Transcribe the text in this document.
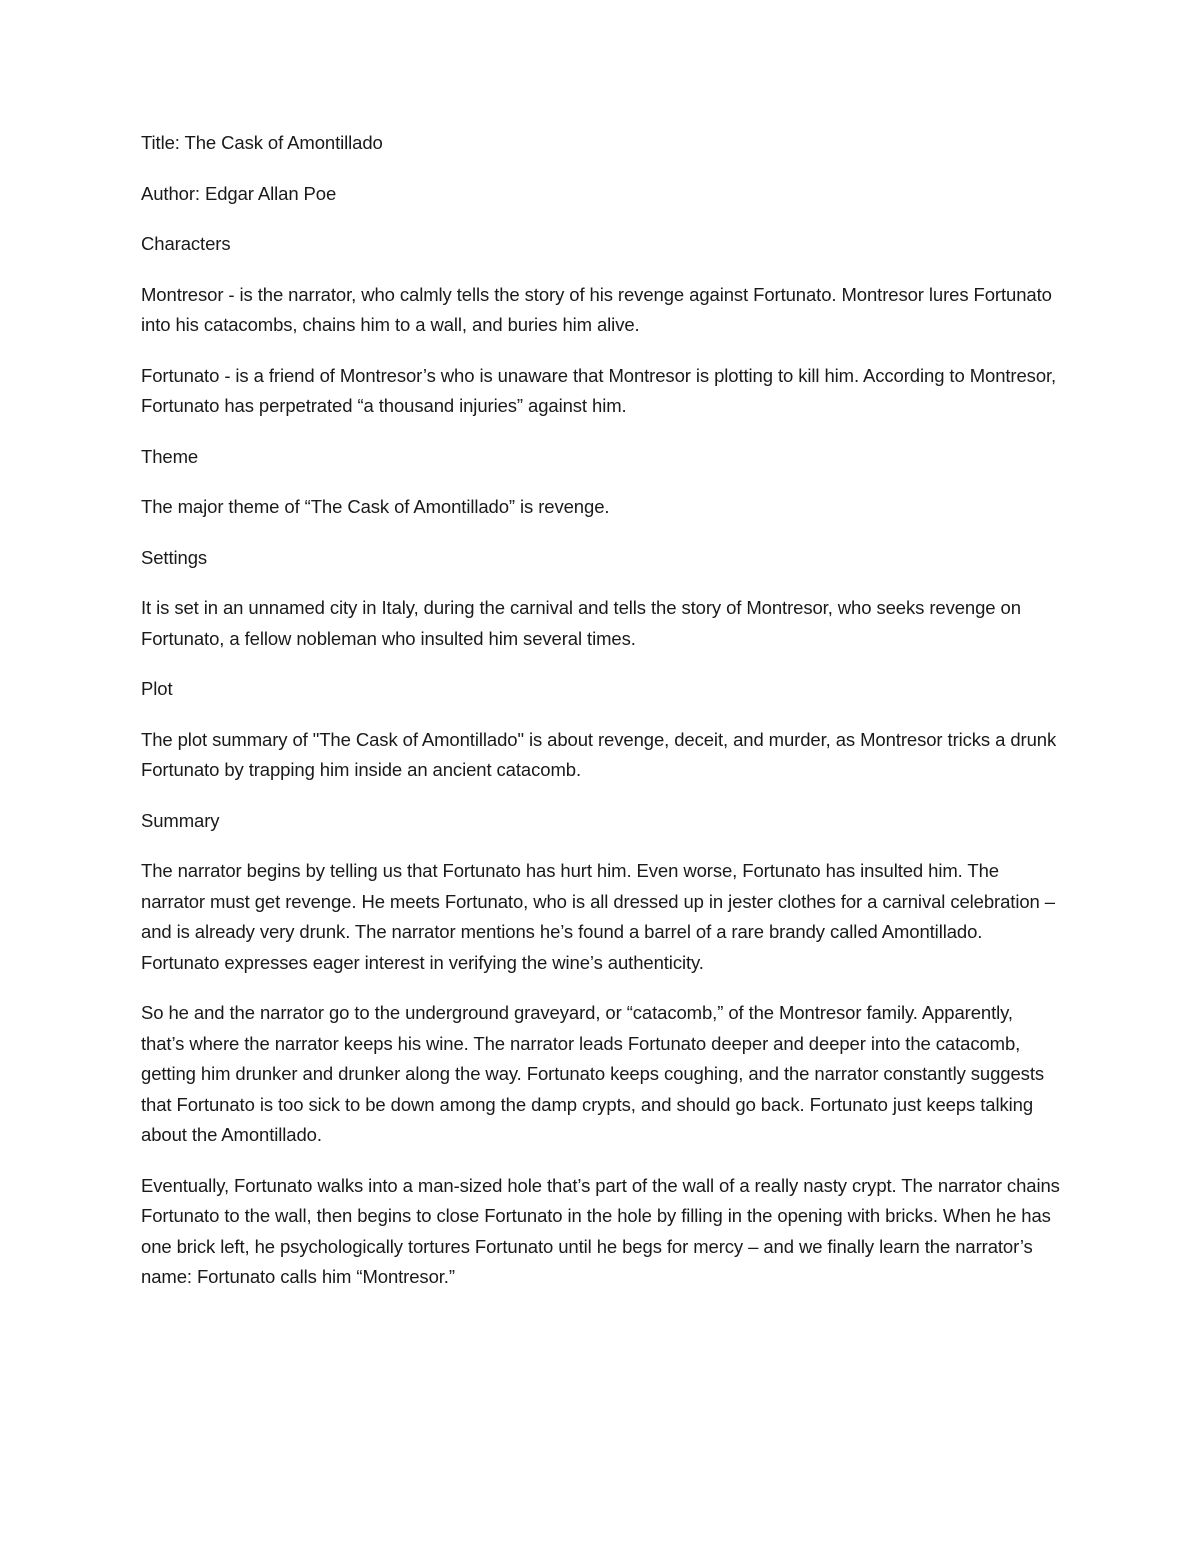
Title: The Cask of Amontillado

Author: Edgar Allan Poe

Characters

Montresor - is the narrator, who calmly tells the story of his revenge against Fortunato. Montresor lures Fortunato into his catacombs, chains him to a wall, and buries him alive.

Fortunato - is a friend of Montresor’s who is unaware that Montresor is plotting to kill him. According to Montresor, Fortunato has perpetrated “a thousand injuries” against him.

Theme

The major theme of “The Cask of Amontillado” is revenge.

Settings

It is set in an unnamed city in Italy, during the carnival and tells the story of Montresor, who seeks revenge on Fortunato, a fellow nobleman who insulted him several times.

Plot

The plot summary of "The Cask of Amontillado" is about revenge, deceit, and murder, as Montresor tricks a drunk Fortunato by trapping him inside an ancient catacomb.

Summary

The narrator begins by telling us that Fortunato has hurt him. Even worse, Fortunato has insulted him. The narrator must get revenge. He meets Fortunato, who is all dressed up in jester clothes for a carnival celebration – and is already very drunk. The narrator mentions he’s found a barrel of a rare brandy called Amontillado. Fortunato expresses eager interest in verifying the wine’s authenticity.

So he and the narrator go to the underground graveyard, or “catacomb,” of the Montresor family. Apparently, that’s where the narrator keeps his wine. The narrator leads Fortunato deeper and deeper into the catacomb, getting him drunker and drunker along the way. Fortunato keeps coughing, and the narrator constantly suggests that Fortunato is too sick to be down among the damp crypts, and should go back. Fortunato just keeps talking about the Amontillado.

Eventually, Fortunato walks into a man-sized hole that’s part of the wall of a really nasty crypt. The narrator chains Fortunato to the wall, then begins to close Fortunato in the hole by filling in the opening with bricks. When he has one brick left, he psychologically tortures Fortunato until he begs for mercy – and we finally learn the narrator’s name: Fortunato calls him “Montresor.”
